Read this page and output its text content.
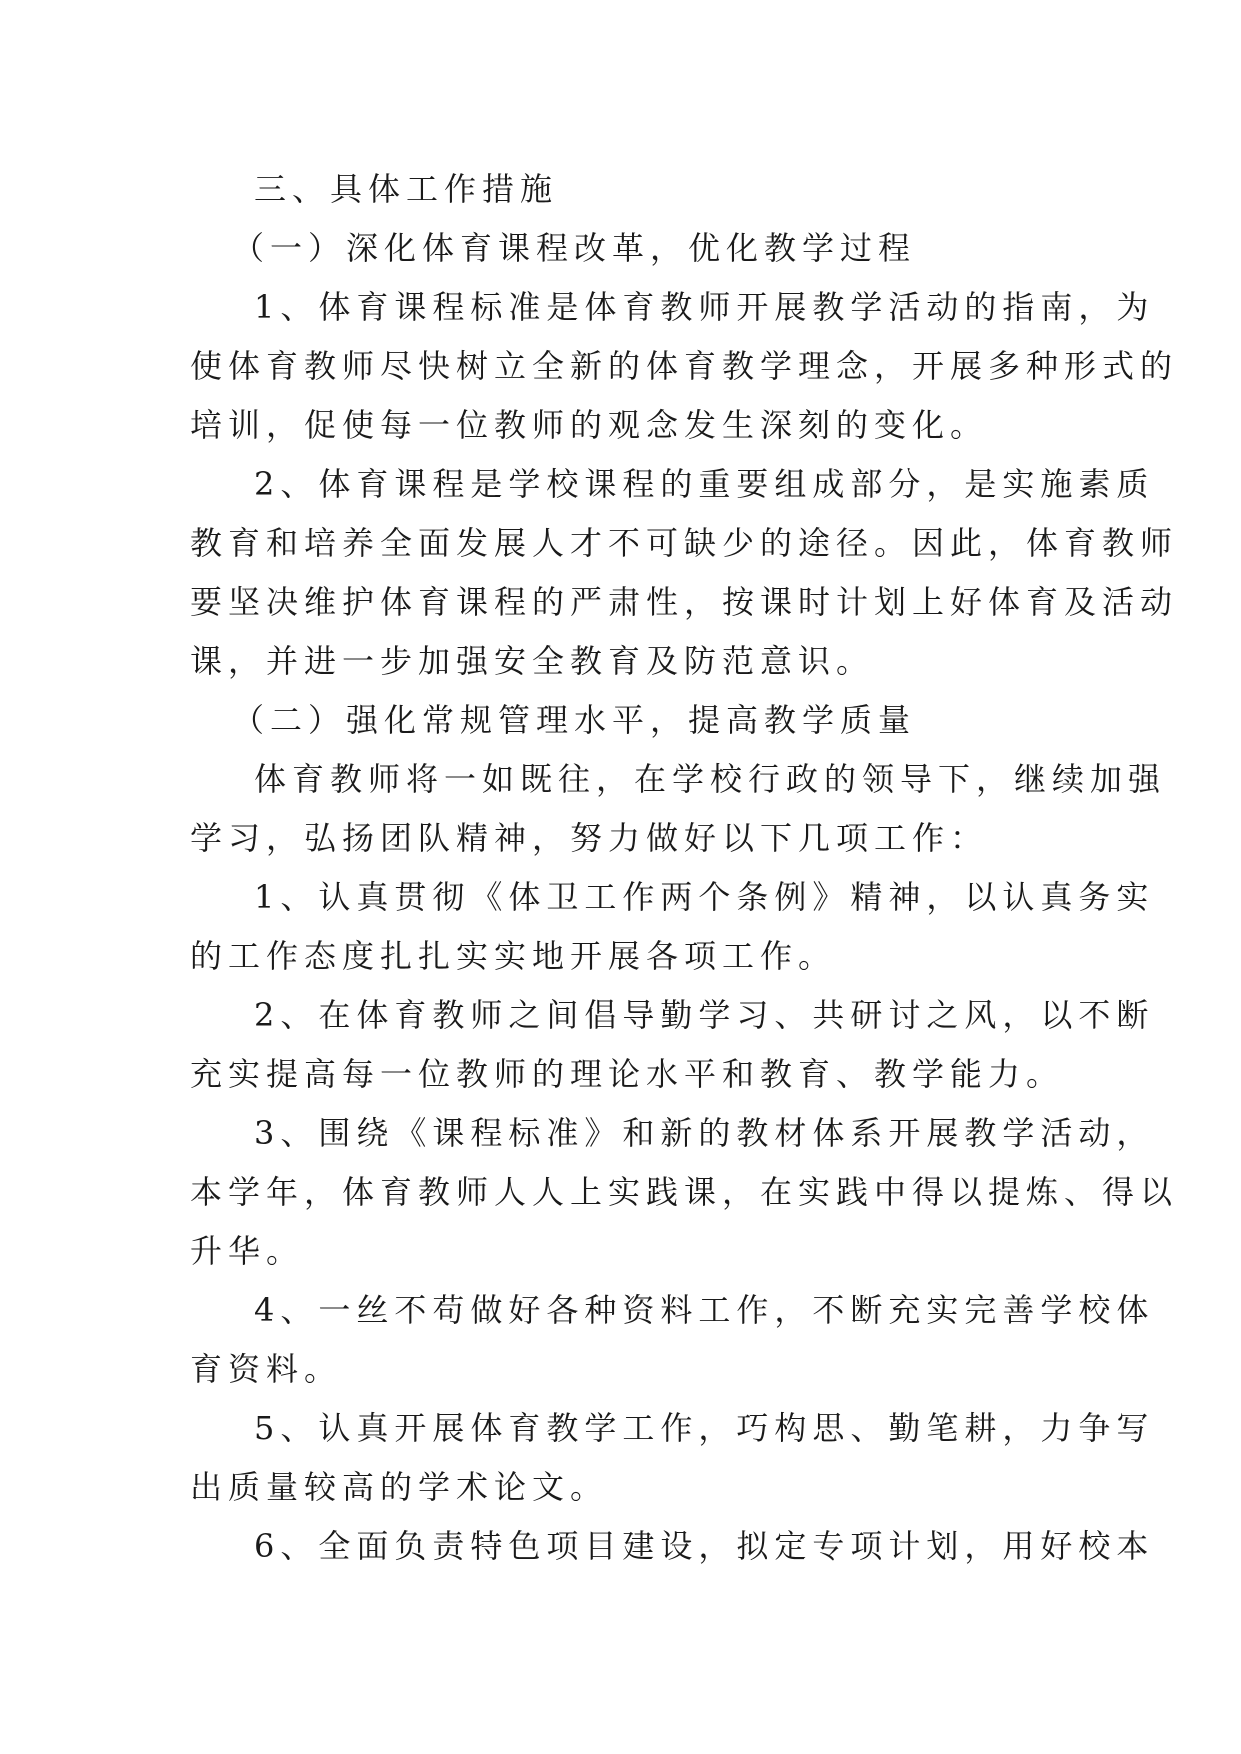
三、具体工作措施
（一）深化体育课程改革，优化教学过程
1、体育课程标准是体育教师开展教学活动的指南，为
使体育教师尽快树立全新的体育教学理念，开展多种形式的
培训，促使每一位教师的观念发生深刻的变化。
2、体育课程是学校课程的重要组成部分，是实施素质
教育和培养全面发展人才不可缺少的途径。因此，体育教师
要坚决维护体育课程的严肃性，按课时计划上好体育及活动
课，并进一步加强安全教育及防范意识。
（二）强化常规管理水平，提高教学质量
体育教师将一如既往，在学校行政的领导下，继续加强
学习，弘扬团队精神，努力做好以下几项工作：
1、认真贯彻《体卫工作两个条例》精神，以认真务实
的工作态度扎扎实实地开展各项工作。
2、在体育教师之间倡导勤学习、共研讨之风，以不断
充实提高每一位教师的理论水平和教育、教学能力。
3、围绕《课程标准》和新的教材体系开展教学活动，
本学年，体育教师人人上实践课，在实践中得以提炼、得以
升华。
4、一丝不苟做好各种资料工作，不断充实完善学校体
育资料。
5、认真开展体育教学工作，巧构思、勤笔耕，力争写
出质量较高的学术论文。
6、全面负责特色项目建设，拟定专项计划，用好校本
